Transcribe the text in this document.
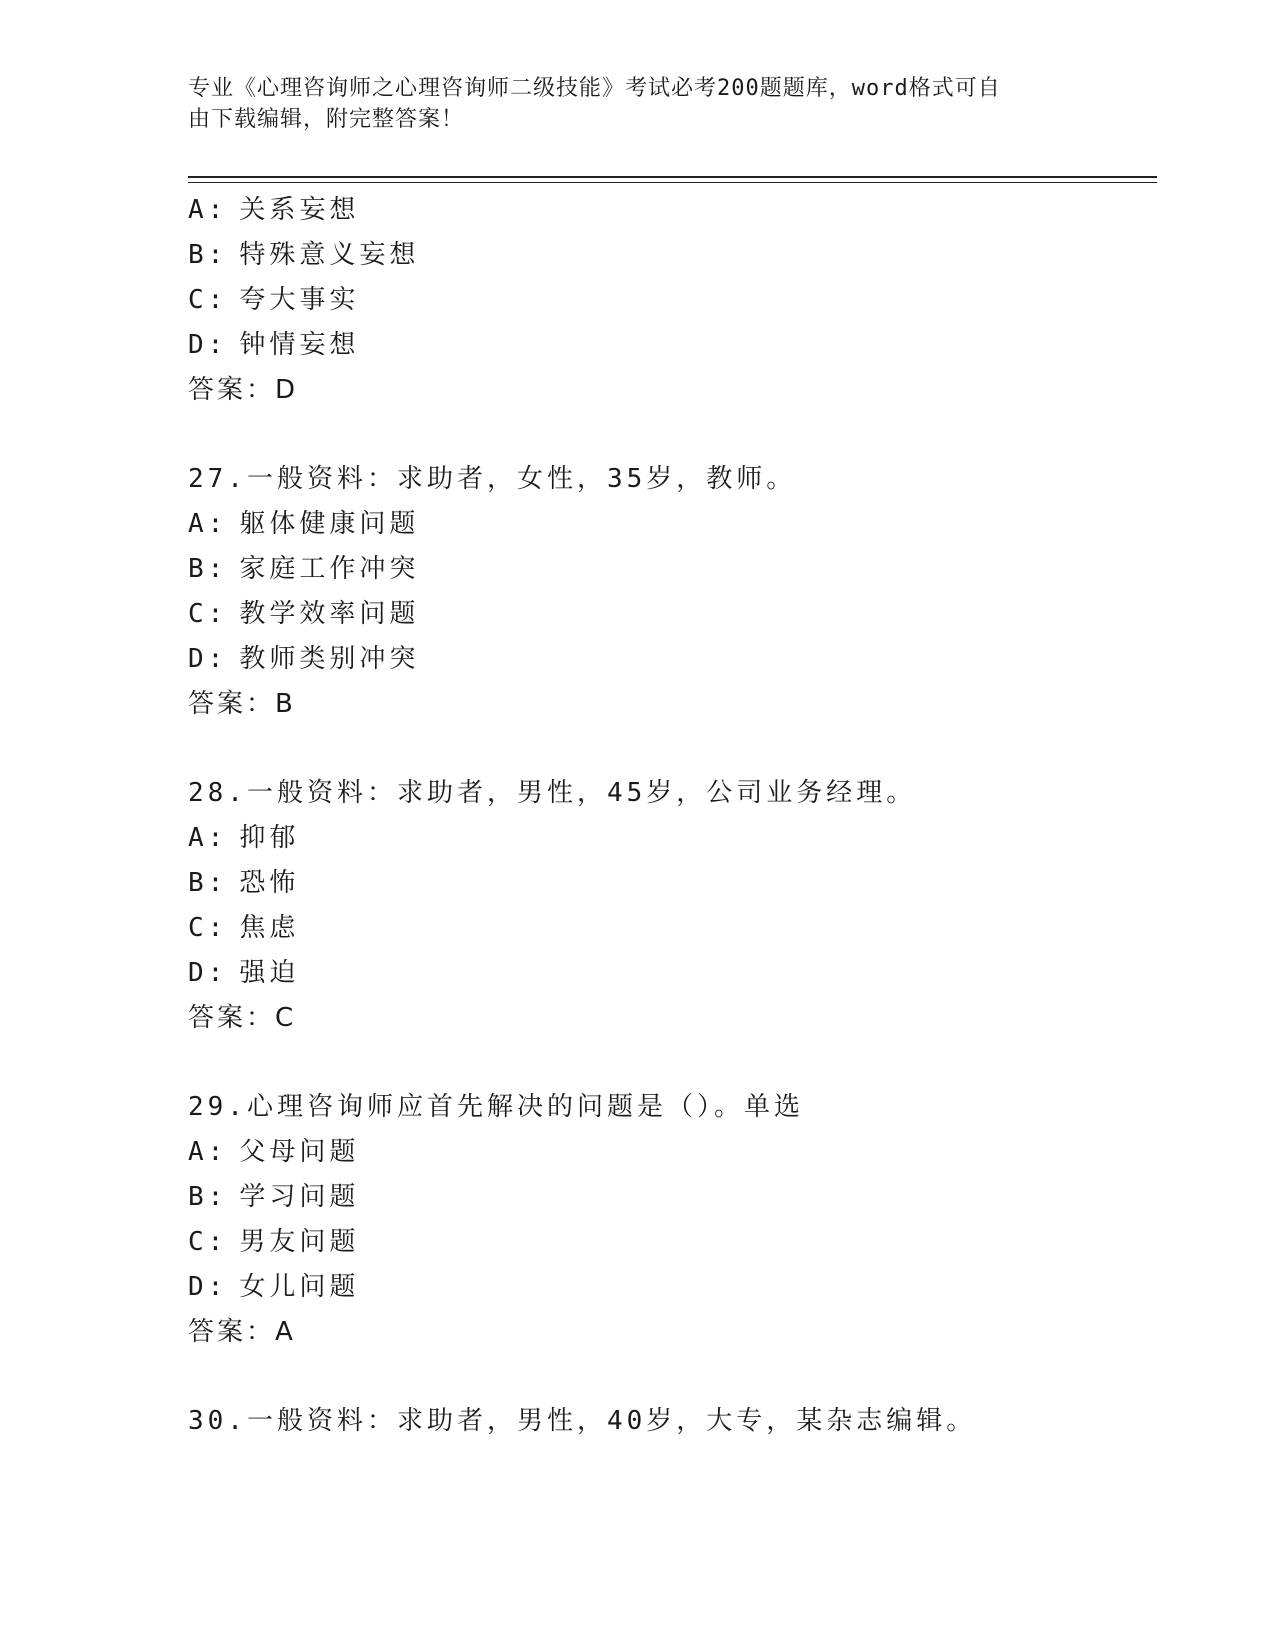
专业《心理咨询师之心理咨询师二级技能》考试必考200题题库，word格式可自
由下载编辑，附完整答案！
A: 关系妄想
B: 特殊意义妄想
C: 夸大事实
D: 钟情妄想
答案：D
27.一般资料：求助者，女性，35岁，教师。
A: 躯体健康问题
B: 家庭工作冲突
C: 教学效率问题
D: 教师类别冲突
答案：B
28.一般资料：求助者，男性，45岁，公司业务经理。
A: 抑郁
B: 恐怖
C: 焦虑
D: 强迫
答案：C
29.心理咨询师应首先解决的问题是（）。单选
A: 父母问题
B: 学习问题
C: 男友问题
D: 女儿问题
答案：A
30.一般资料：求助者，男性，40岁，大专，某杂志编辑。
